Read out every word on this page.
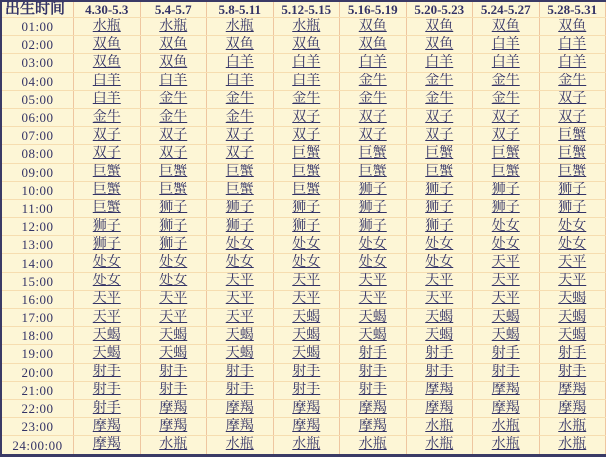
出生时间	4.30-5.3	5.4-5.7	5.8-5.11	5.12-5.15	5.16-5.19	5.20-5.23	5.24-5.27	5.28-5.31
01:00	水瓶	水瓶	水瓶	水瓶	双鱼	双鱼	双鱼	双鱼
02:00	双鱼	双鱼	双鱼	双鱼	双鱼	双鱼	白羊	白羊
03:00	双鱼	双鱼	白羊	白羊	白羊	白羊	白羊	白羊
04:00	白羊	白羊	白羊	白羊	金牛	金牛	金牛	金牛
05:00	白羊	金牛	金牛	金牛	金牛	金牛	金牛	双子
06:00	金牛	金牛	金牛	双子	双子	双子	双子	双子
07:00	双子	双子	双子	双子	双子	双子	双子	巨蟹
08:00	双子	双子	双子	巨蟹	巨蟹	巨蟹	巨蟹	巨蟹
09:00	巨蟹	巨蟹	巨蟹	巨蟹	巨蟹	巨蟹	巨蟹	巨蟹
10:00	巨蟹	巨蟹	巨蟹	巨蟹	狮子	狮子	狮子	狮子
11:00	巨蟹	狮子	狮子	狮子	狮子	狮子	狮子	狮子
12:00	狮子	狮子	狮子	狮子	狮子	狮子	处女	处女
13:00	狮子	狮子	处女	处女	处女	处女	处女	处女
14:00	处女	处女	处女	处女	处女	处女	天平	天平
15:00	处女	处女	天平	天平	天平	天平	天平	天平
16:00	天平	天平	天平	天平	天平	天平	天平	天蝎
17:00	天平	天平	天平	天蝎	天蝎	天蝎	天蝎	天蝎
18:00	天蝎	天蝎	天蝎	天蝎	天蝎	天蝎	天蝎	天蝎
19:00	天蝎	天蝎	天蝎	天蝎	射手	射手	射手	射手
20:00	射手	射手	射手	射手	射手	射手	射手	射手
21:00	射手	射手	射手	射手	射手	摩羯	摩羯	摩羯
22:00	射手	摩羯	摩羯	摩羯	摩羯	摩羯	摩羯	摩羯
23:00	摩羯	摩羯	摩羯	摩羯	摩羯	水瓶	水瓶	水瓶
24:00:00	摩羯	水瓶	水瓶	水瓶	水瓶	水瓶	水瓶	水瓶
